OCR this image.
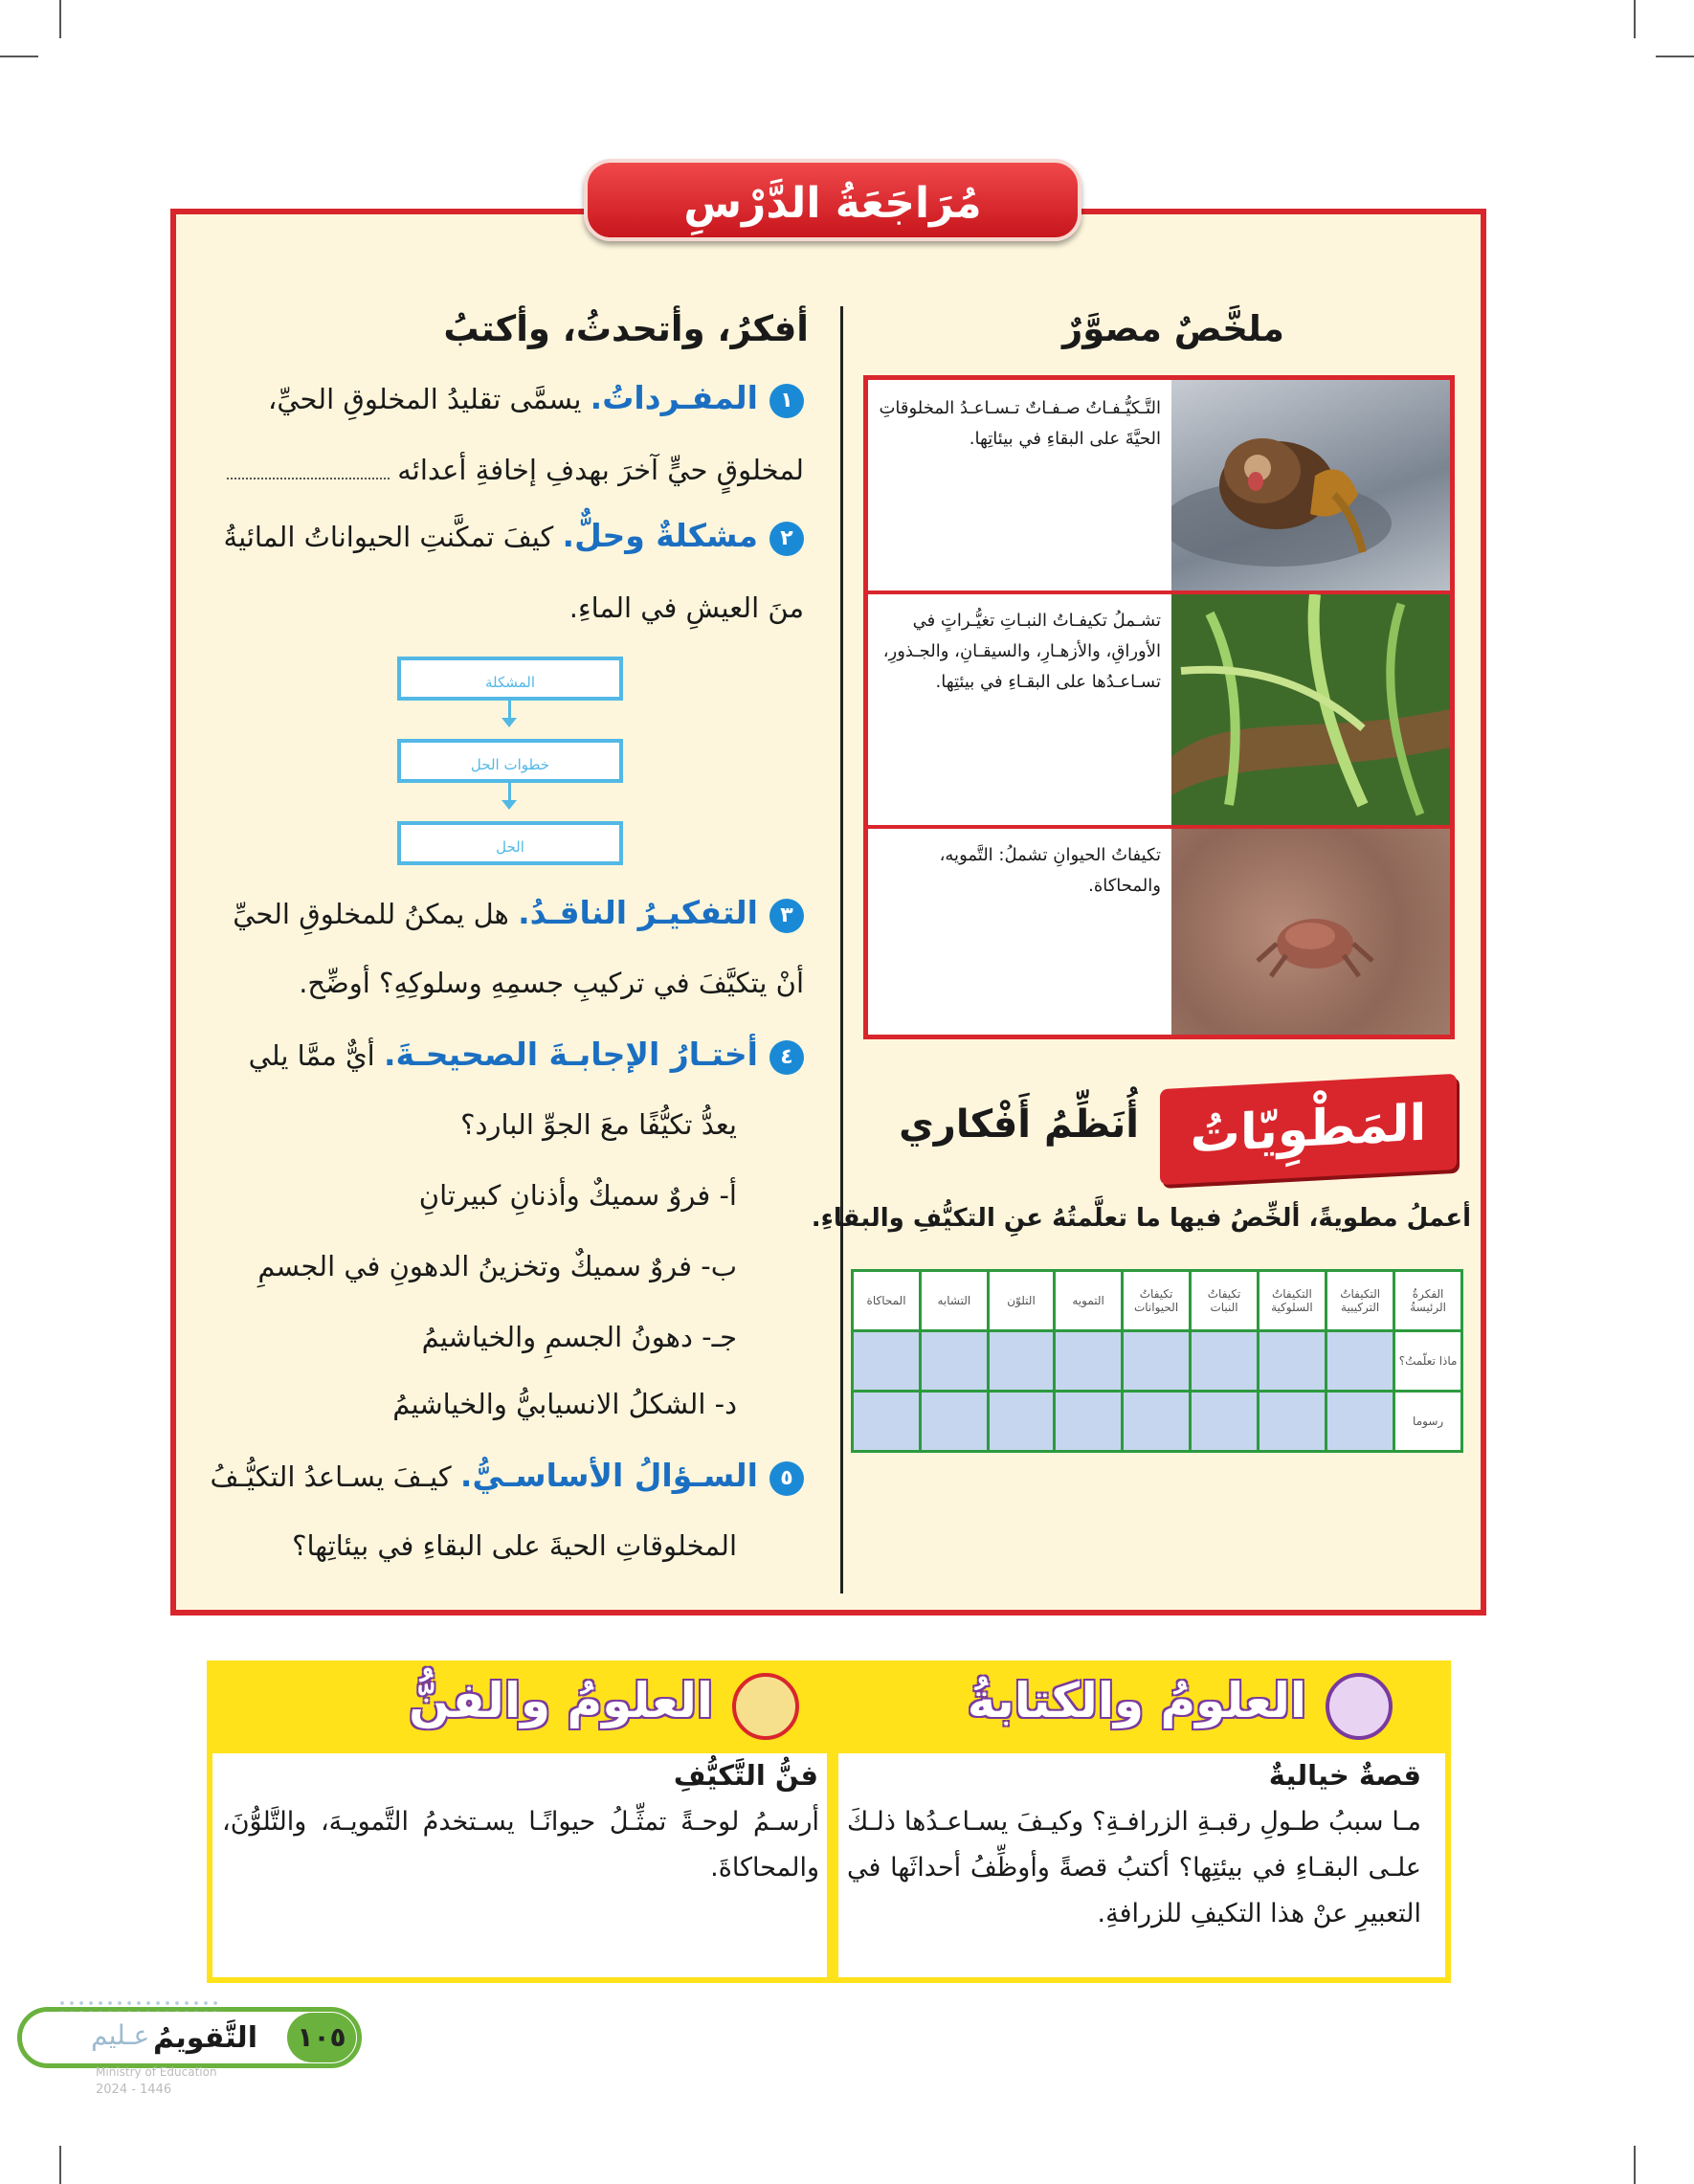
مُرَاجَعَةُ الدَّرْسِ
أفكرُ، وأتحدثُ، وأكتبُ
١المفـرداتُ. يسمَّى تقليدُ المخلوقِ الحيِّ،
لمخلوقٍ حيٍّ آخرَ بهدفِ إخافةِ أعدائه
٢مشكلةٌ وحلٌّ. كيفَ تمكَّنتِ الحيواناتُ المائيةُ
منَ العيشِ في الماءِ.
المشكلة
خطوات الحل
الحل
٣التفكيـرُ الناقـدُ. هل يمكنُ للمخلوقِ الحيِّ
أنْ يتكيَّفَ في تركيبِ جسمِهِ وسلوكِهِ؟ أوضِّح.
٤أختـارُ الإجابـةَ الصحيحـةَ. أيٌّ ممَّا يلي
يعدُّ تكيُّفًا معَ الجوِّ البارد؟
أ- فروٌ سميكٌ وأذنانِ كبيرتانِ
ب- فروٌ سميكٌ وتخزينُ الدهونِ في الجسمِ
جـ- دهونُ الجسمِ والخياشيمُ
د- الشكلُ الانسيابيُّ والخياشيمُ
٥السـؤالُ الأساسـيُّ. كيـفَ يسـاعدُ التكيُّـفُ
المخلوقاتِ الحيةَ على البقاءِ في بيئاتِها؟
ملخَّصٌ مصوَّرٌ
التَّـكيُّـفـاتُ صـفـاتٌ تـسـاعـدُ المخلوقاتِ الحيَّةَ على البقاءِ في بيئاتِها.
تشـملُ تكيفـاتُ النبـاتِ تغيُّـراتٍ في الأوراقِ، والأزهـارِ، والسيقـانِ، والجـذورِ، تسـاعـدُها على البقـاءِ في بيئتِها.
تكيفاتُ الحيوانِ تشملُ: التَّمويه، والمحاكاة.
المَطْوِيّاتُ
أُنَظِّمُ أَفْكاري
أعملُ مطويةً، ألخِّصُ فيها ما تعلَّمتُهُ عنِ التكيُّفِ والبقاءِ.
الفكرةُ الرئيسةُ	التكيفاتُ التركيبية	التكيفاتُ السلوكية	تكيفاتُ النبات	تكيفاتُ الحيوانات	التمويه	التلوّن	التشابه	المحاكاة
ماذا تعلّمتُ؟								
رسوما								
العلومُ والكتابةُ
قصةٌ خياليةٌ
مـا سببُ طـولِ رقبـةِ الزرافـةِ؟ وكيـفَ يسـاعـدُها ذلـكَ علـى البقـاءِ في بيئتِها؟ أكتبُ قصةً وأوظِّفُ أحداثَها في التعبيرِ عنْ هذا التكيفِ للزرافةِ.
العلومُ والفنُّ
فنُّ التَّكيُّفِ
أرسـمُ لوحـةً تمثِّـلُ حيوانًـا يسـتخدمُ التَّمويـهَ، والتَّلوُّنَ، والمحاكاةَ.
١٠٥
التَّقويمُ
عـليم
Ministry of Education
2024 - 1446
